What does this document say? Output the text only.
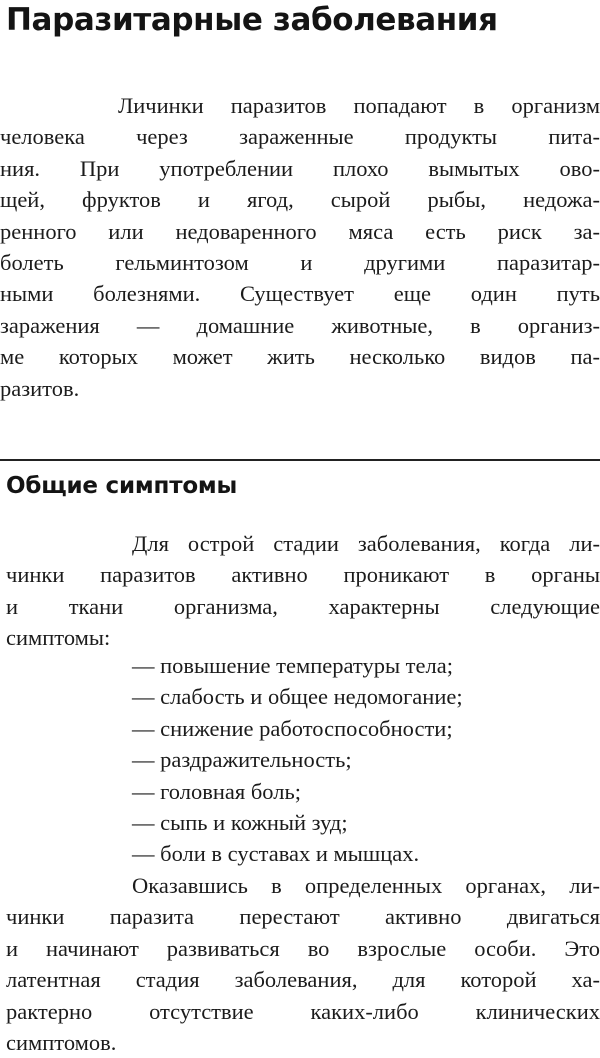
Паразитарные заболевания
Личинки паразитов попадают в организм
человека через зараженные продукты пита-
ния. При употреблении плохо вымытых ово-
щей, фруктов и ягод, сырой рыбы, недожа-
ренного или недоваренного мяса есть риск за-
болеть гельминтозом и другими паразитар-
ными болезнями. Существует еще один путь
заражения — домашние животные, в организ-
ме которых может жить несколько видов па-
разитов.
Общие симптомы
Для острой стадии заболевания, когда ли-
чинки паразитов активно проникают в органы
и ткани организма, характерны следующие
симптомы:
— повышение температуры тела;
— слабость и общее недомогание;
— снижение работоспособности;
— раздражительность;
— головная боль;
— сыпь и кожный зуд;
— боли в суставах и мышцах.
Оказавшись в определенных органах, ли-
чинки паразита перестают активно двигаться
и начинают развиваться во взрослые особи. Это
латентная стадия заболевания, для которой ха-
рактерно отсутствие каких-либо клинических
симптомов.
